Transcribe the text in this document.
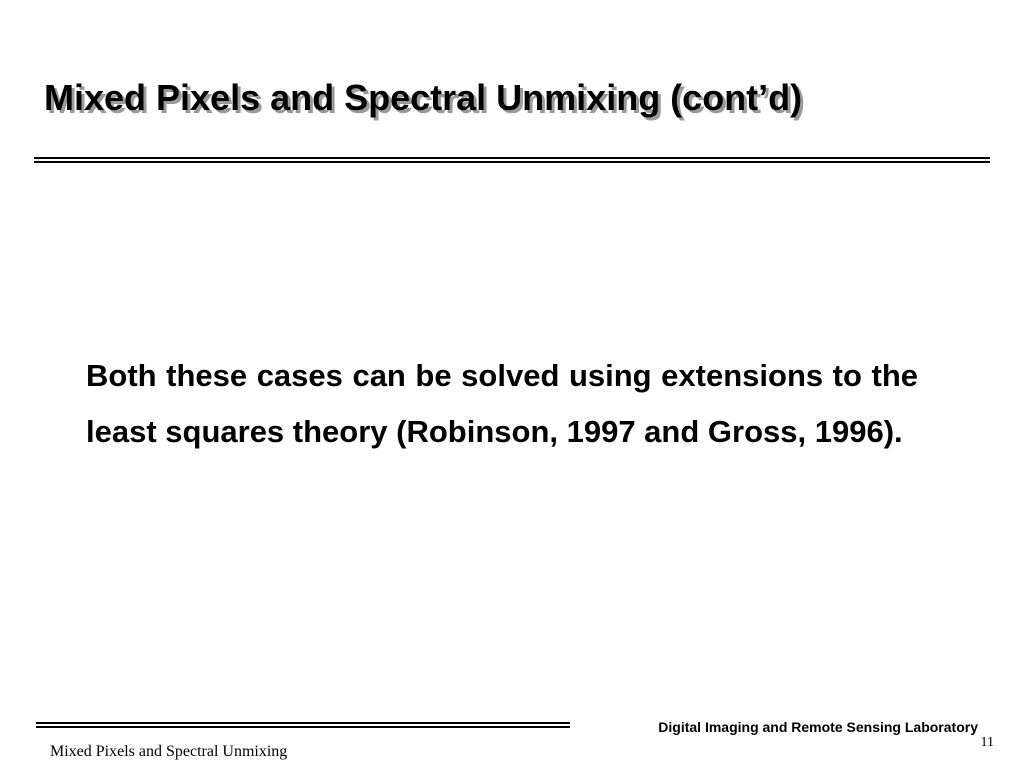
Mixed Pixels and Spectral Unmixing (cont’d)

Both these cases can be solved using extensions to the least squares theory (Robinson, 1997 and Gross, 1996).

Digital Imaging and Remote Sensing Laboratory
Mixed Pixels and Spectral Unmixing
11
